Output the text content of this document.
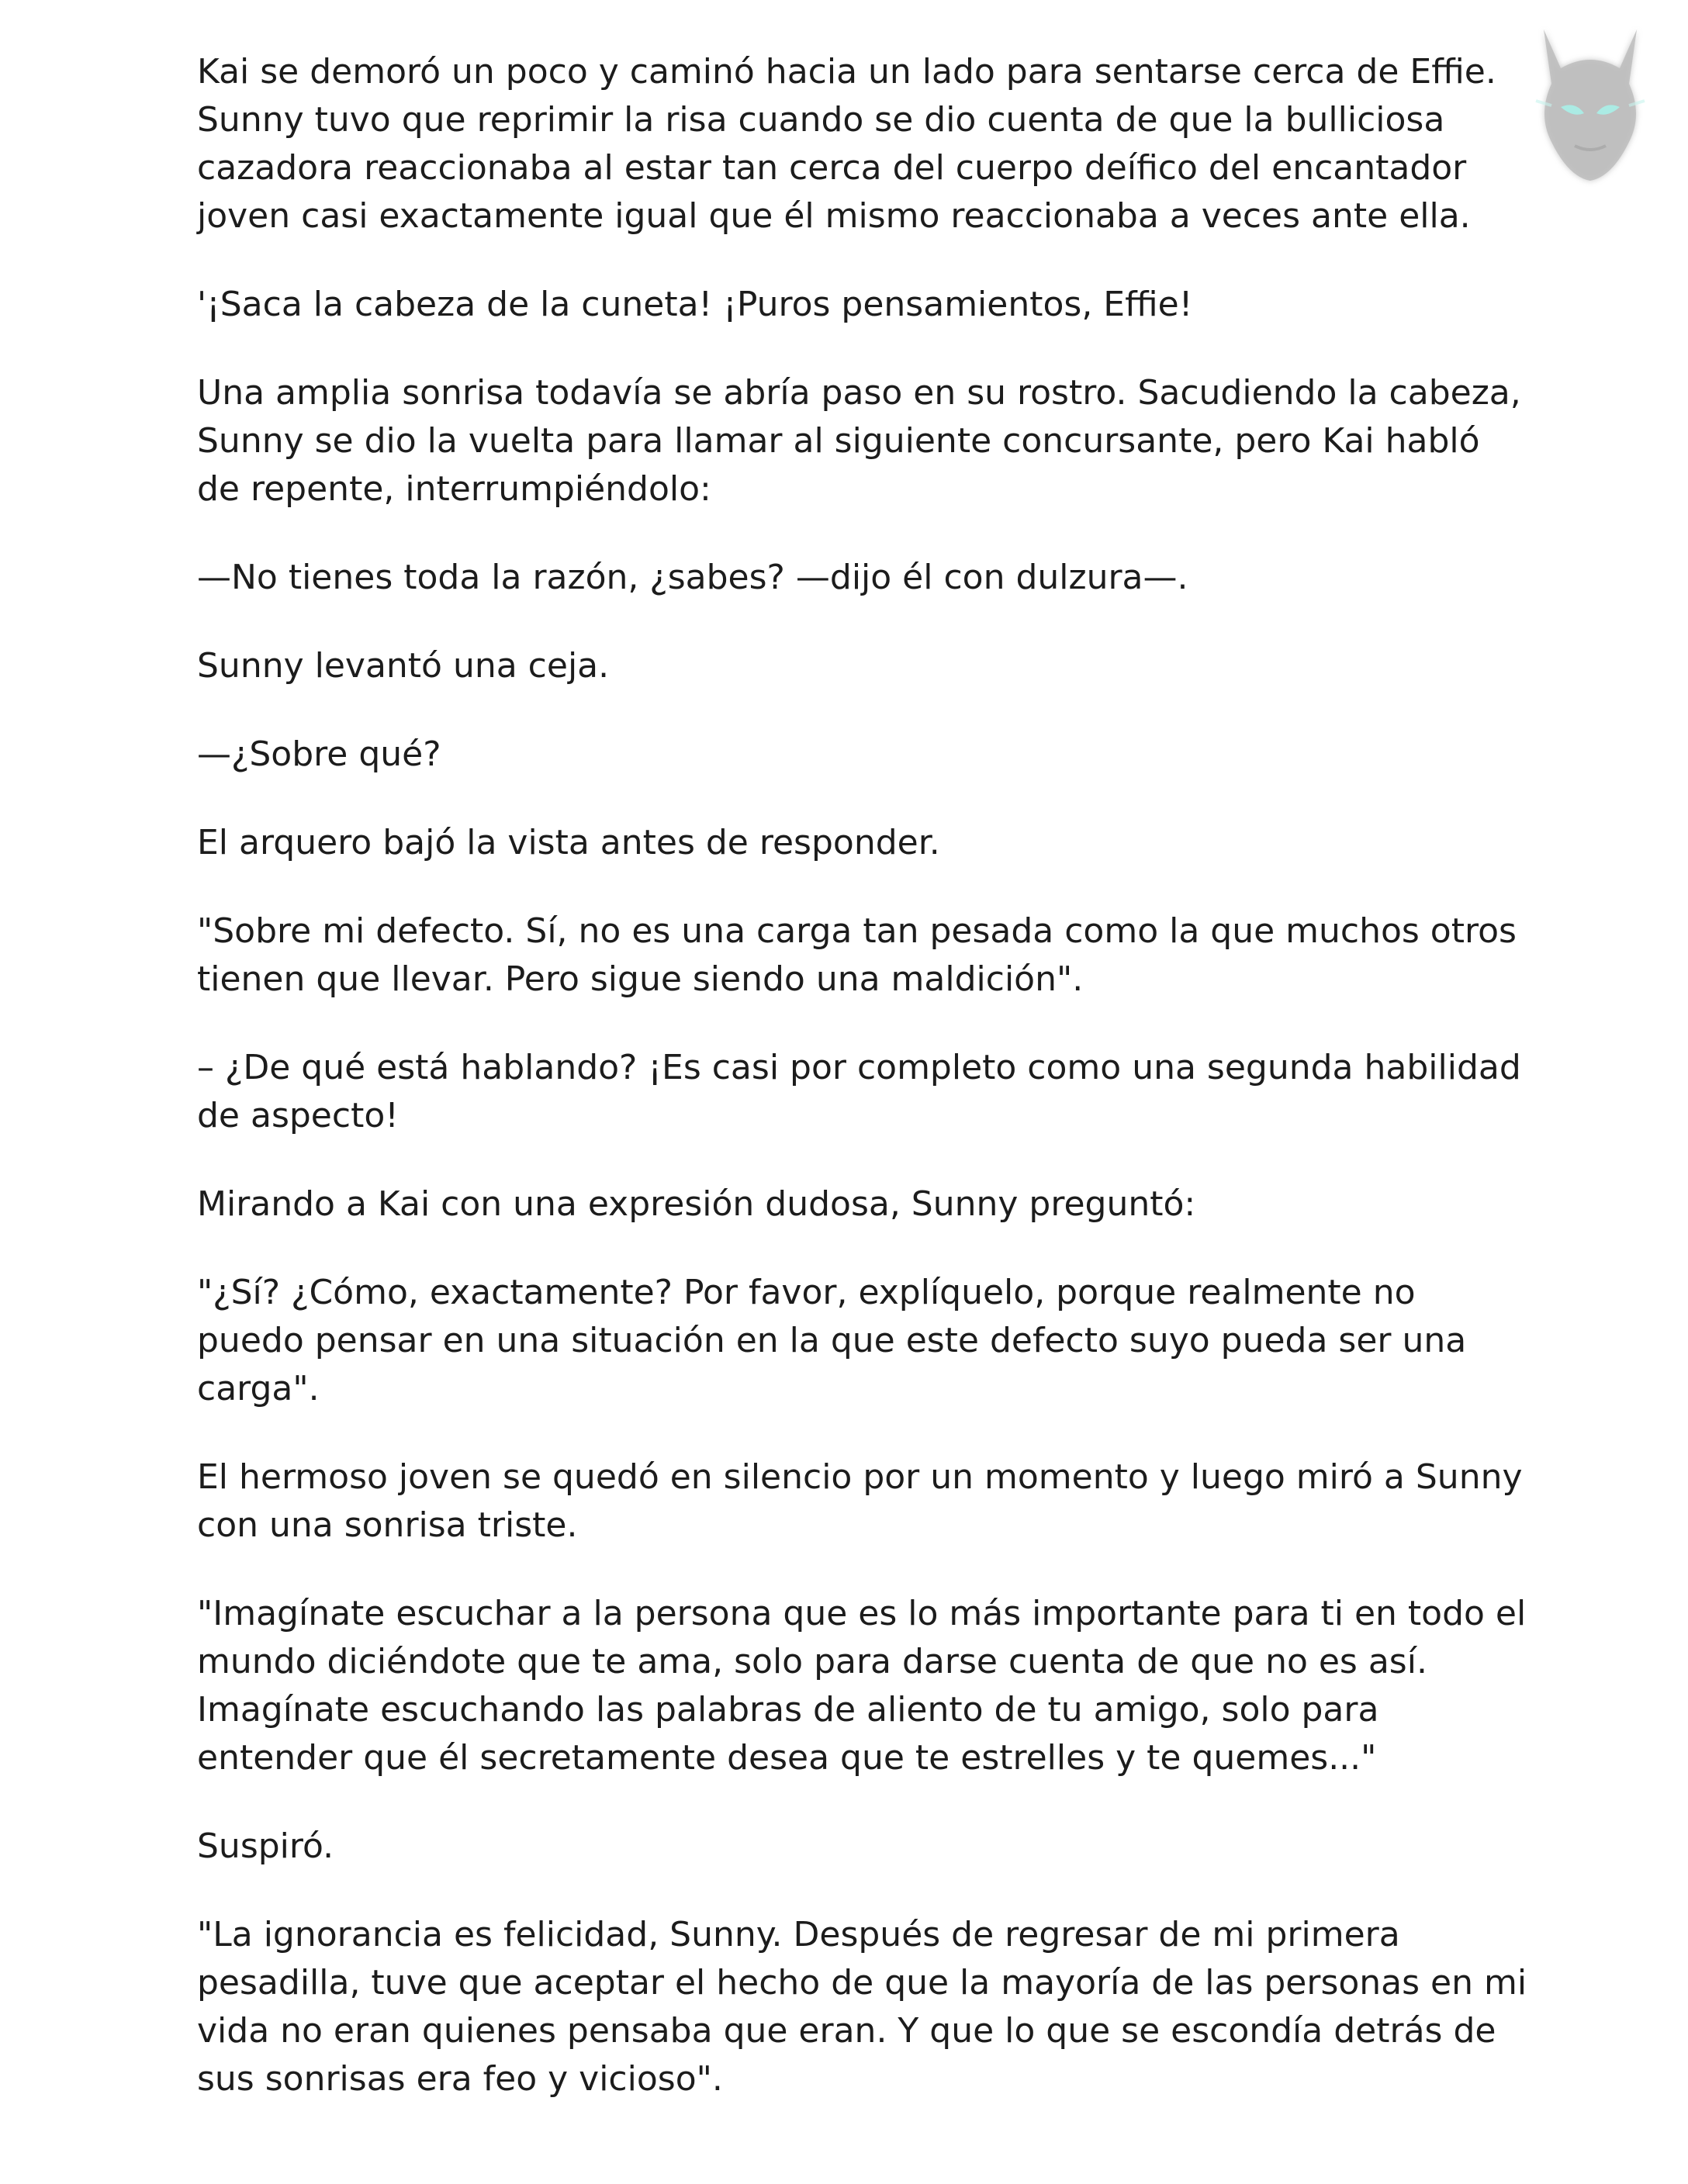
Kai se demoró un poco y caminó hacia un lado para sentarse cerca de Effie. Sunny tuvo que reprimir la risa cuando se dio cuenta de que la bulliciosa cazadora reaccionaba al estar tan cerca del cuerpo deífico del encantador joven casi exactamente igual que él mismo reaccionaba a veces ante ella.

'¡Saca la cabeza de la cuneta! ¡Puros pensamientos, Effie!

Una amplia sonrisa todavía se abría paso en su rostro. Sacudiendo la cabeza, Sunny se dio la vuelta para llamar al siguiente concursante, pero Kai habló de repente, interrumpiéndolo:

—No tienes toda la razón, ¿sabes? —dijo él con dulzura—.

Sunny levantó una ceja.

—¿Sobre qué?

El arquero bajó la vista antes de responder.

"Sobre mi defecto. Sí, no es una carga tan pesada como la que muchos otros tienen que llevar. Pero sigue siendo una maldición".

– ¿De qué está hablando? ¡Es casi por completo como una segunda habilidad de aspecto!

Mirando a Kai con una expresión dudosa, Sunny preguntó:

"¿Sí? ¿Cómo, exactamente? Por favor, explíquelo, porque realmente no puedo pensar en una situación en la que este defecto suyo pueda ser una carga".

El hermoso joven se quedó en silencio por un momento y luego miró a Sunny con una sonrisa triste.

"Imagínate escuchar a la persona que es lo más importante para ti en todo el mundo diciéndote que te ama, solo para darse cuenta de que no es así. Imagínate escuchando las palabras de aliento de tu amigo, solo para entender que él secretamente desea que te estrelles y te quemes..."

Suspiró.

"La ignorancia es felicidad, Sunny. Después de regresar de mi primera pesadilla, tuve que aceptar el hecho de que la mayoría de las personas en mi vida no eran quienes pensaba que eran. Y que lo que se escondía detrás de sus sonrisas era feo y vicioso".
